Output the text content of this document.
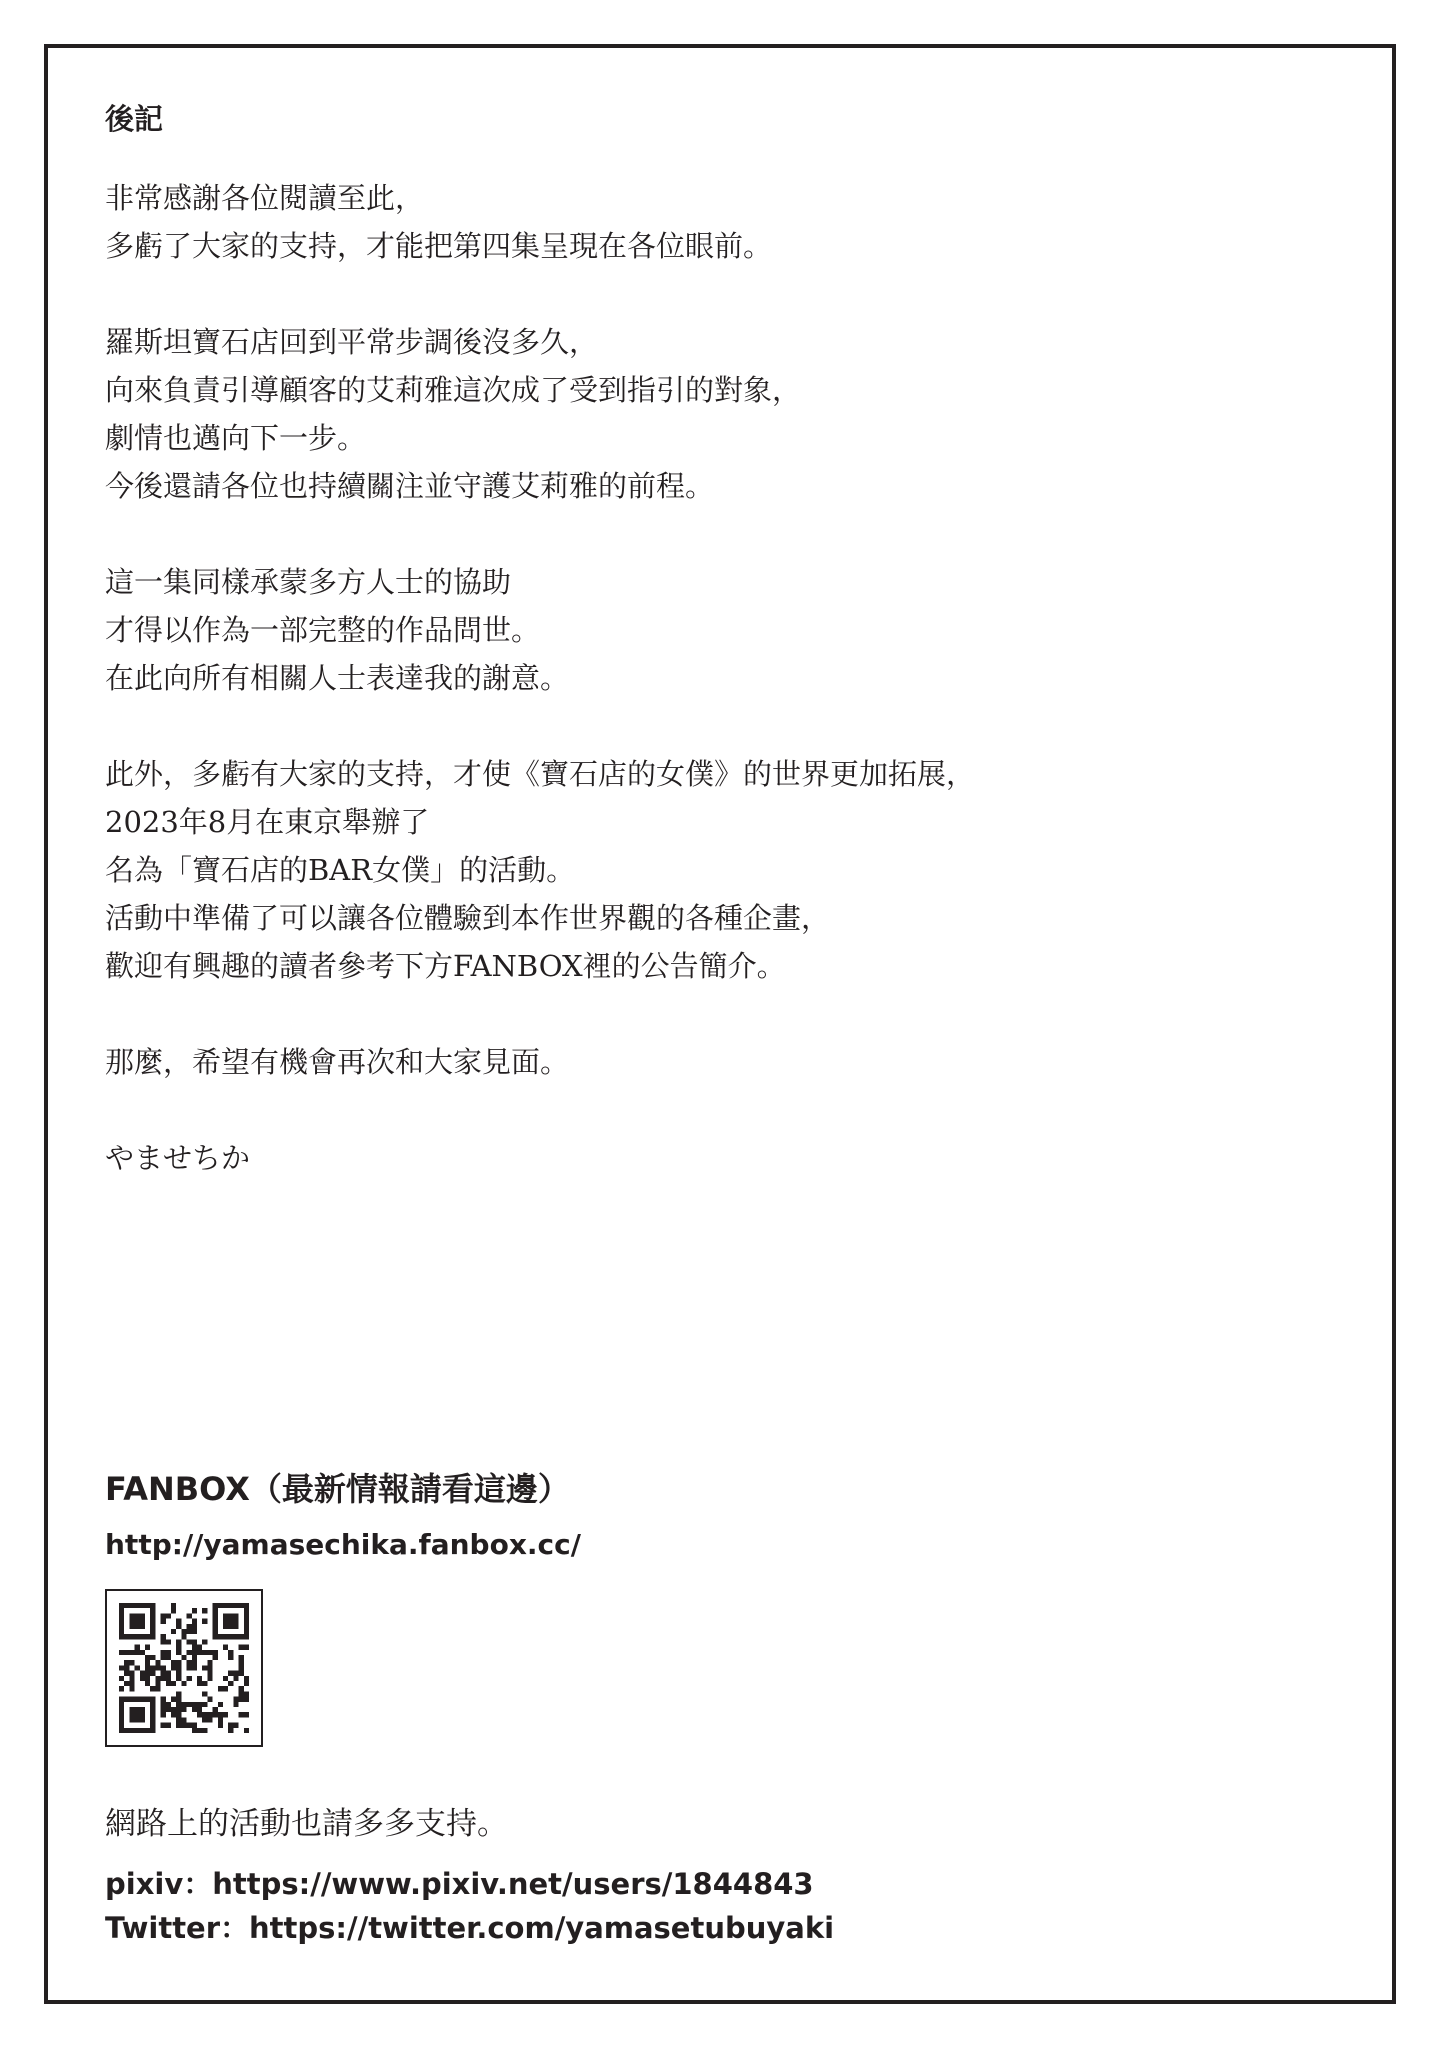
後記
非常感謝各位閱讀至此，
多虧了大家的支持，才能把第四集呈現在各位眼前。
羅斯坦寶石店回到平常步調後沒多久，
向來負責引導顧客的艾莉雅這次成了受到指引的對象，
劇情也邁向下一步。
今後還請各位也持續關注並守護艾莉雅的前程。
這一集同樣承蒙多方人士的協助
才得以作為一部完整的作品問世。
在此向所有相關人士表達我的謝意。
此外，多虧有大家的支持，才使《寶石店的女僕》的世界更加拓展，
2023年8月在東京舉辦了
名為「寶石店的BAR女僕」的活動。
活動中準備了可以讓各位體驗到本作世界觀的各種企畫，
歡迎有興趣的讀者參考下方FANBOX裡的公告簡介。
那麼，希望有機會再次和大家見面。

やませちか

FANBOX（最新情報請看這邊）
http://yamasechika.fanbox.cc/
網路上的活動也請多多支持。

pixiv：https://www.pixiv.net/users/1844843

Twitter：https://twitter.com/yamasetubuyaki
